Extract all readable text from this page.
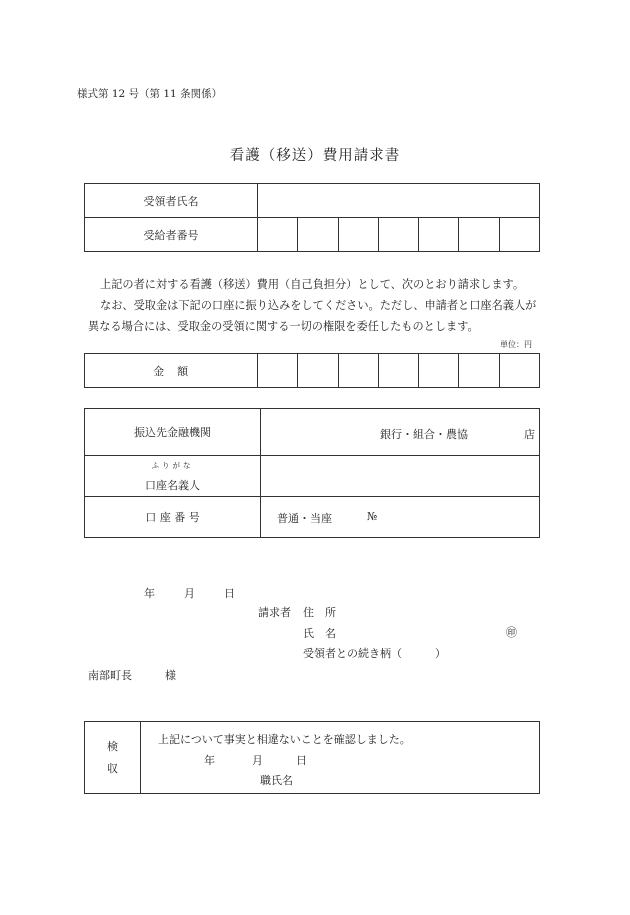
様式第 12 号（第 11 条関係）
看護（移送）費用請求書
受領者氏名							
受給者番号							
上記の者に対する看護（移送）費用（自己負担分）として、次のとおり請求します。
なお、受取金は下記の口座に振り込みをしてください。ただし、申請者と口座名義人が
異なる場合には、受取金の受領に関する一切の権限を委任したものとします。
単位：円
金　額							
振込先金融機関	銀行・組合・農協 店

ふりがな
口座名義人	
口 座 番 号	普通・当座 №
年	月	日
請求者 住　所
氏　名	㊞
受領者との続き柄（　　　）
南部町長　　　様
検
収

上記について事実と相違ないことを確認しました。
年	月	日
職氏名
